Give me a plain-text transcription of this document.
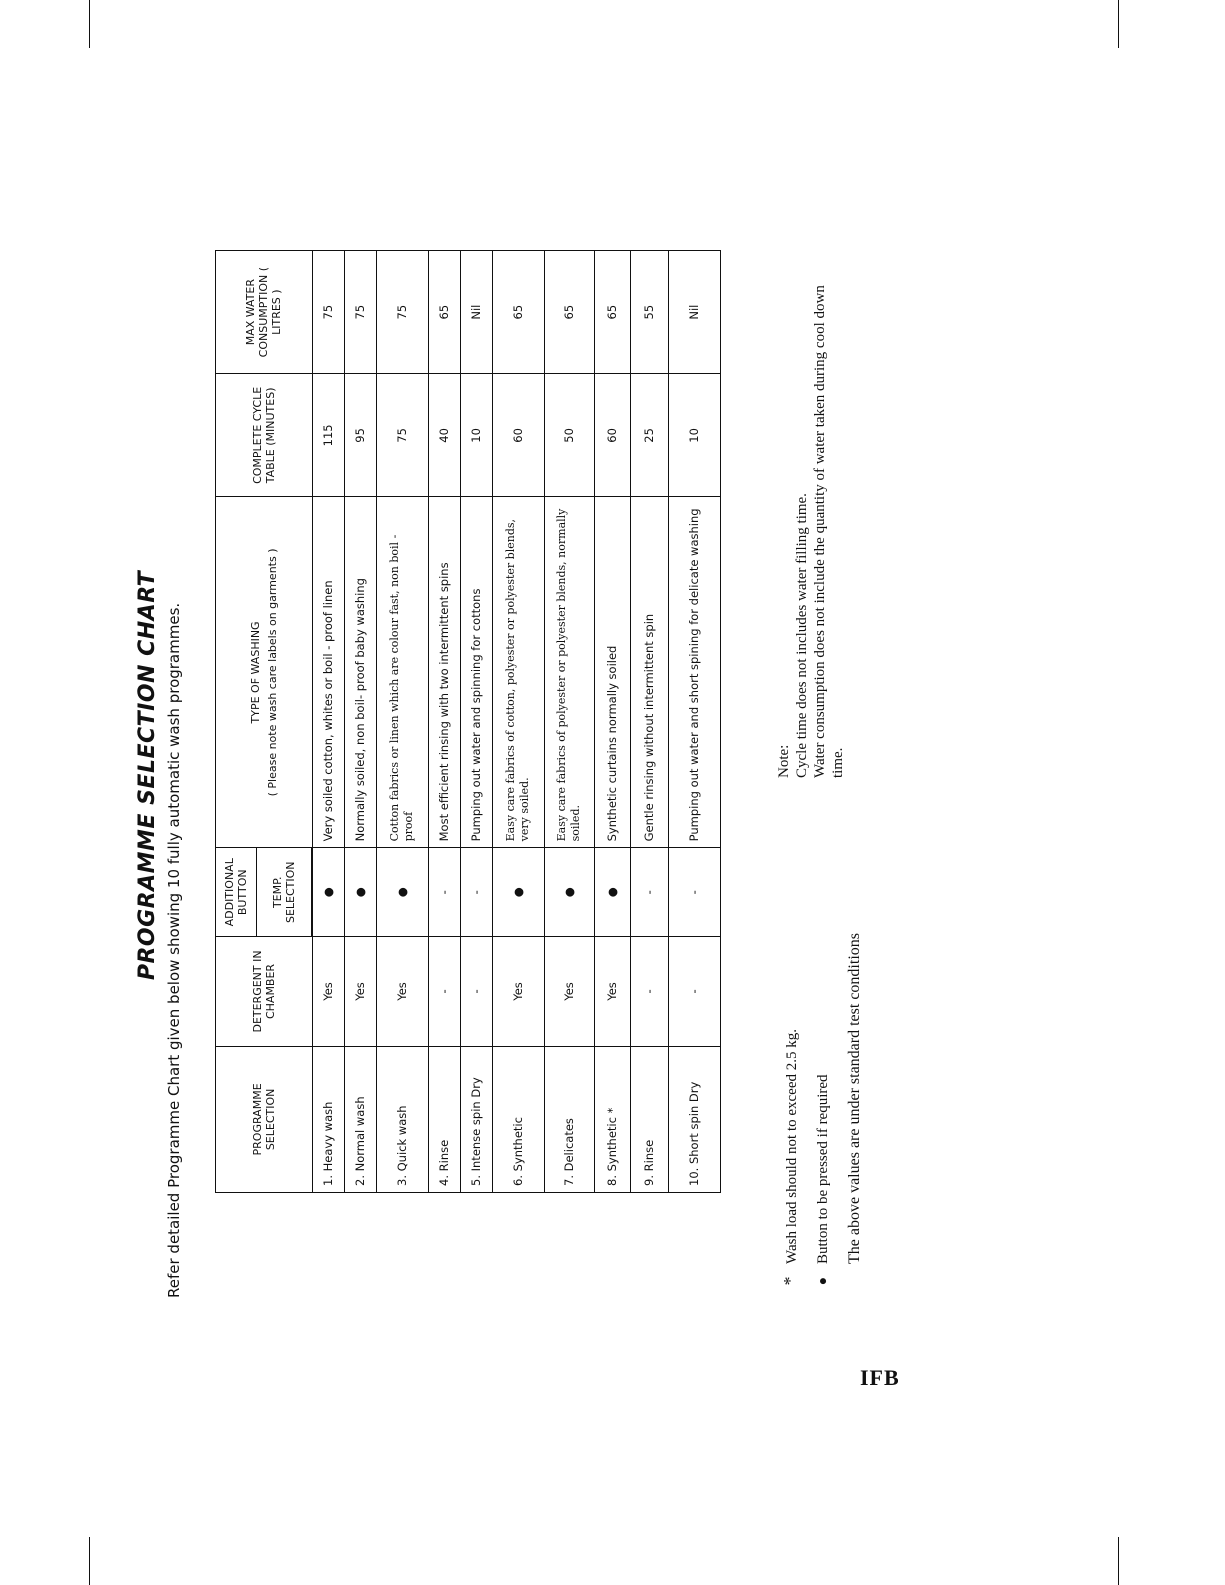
PROGRAMME SELECTION CHART Refer detailed Programme Chart given below showing 10 fully automatic wash programmes.	PROGRAMME SELECTION	DETERGENT IN CHAMBER	ADDITIONAL BUTTON	TYPE OF WASHING ( Please note wash care labels on garments )	COMPLETE CYCLE TABLE (MINUTES)	MAX WATER CONSUMPTION ( LITRES )
		TEMP. SELECTION			
1. Heavy wash	Yes	●	Very soiled cotton, whites or boil - proof linen	115	75
2. Normal wash	Yes	●	Normally soiled, non boil- proof baby washing	95	75
3. Quick wash	Yes	●	Cotton fabrics or linen which are colour fast, non boil - proof	75	75
4. Rinse	-	-	Most efficient rinsing with two intermittent spins	40	65
5. Intense spin Dry	-	-	Pumping out water and spinning for cottons	10	Nil
6. Synthetic	Yes	●	Easy care fabrics of cotton, polyester or polyester blends, very soiled.	60	65
7. Delicates	Yes	●	Easy care fabrics of polyester or polyester blends, normally soiled.	50	65
8. Synthetic *	Yes	●	Synthetic curtains normally soiled	60	65
9. Rinse	-	-	Gentle rinsing without intermittent spin	25	55
10. Short spin Dry	-	-	Pumping out water and short spining for delicate washing	10	Nil
*Wash load should not to exceed 2.5 kg.
●Button to be pressed if required The above values are under standard test conditions
Note: Cycle time does not includes water filling time. Water consumption does not include the quantity of water taken during cool down time.
IFB
